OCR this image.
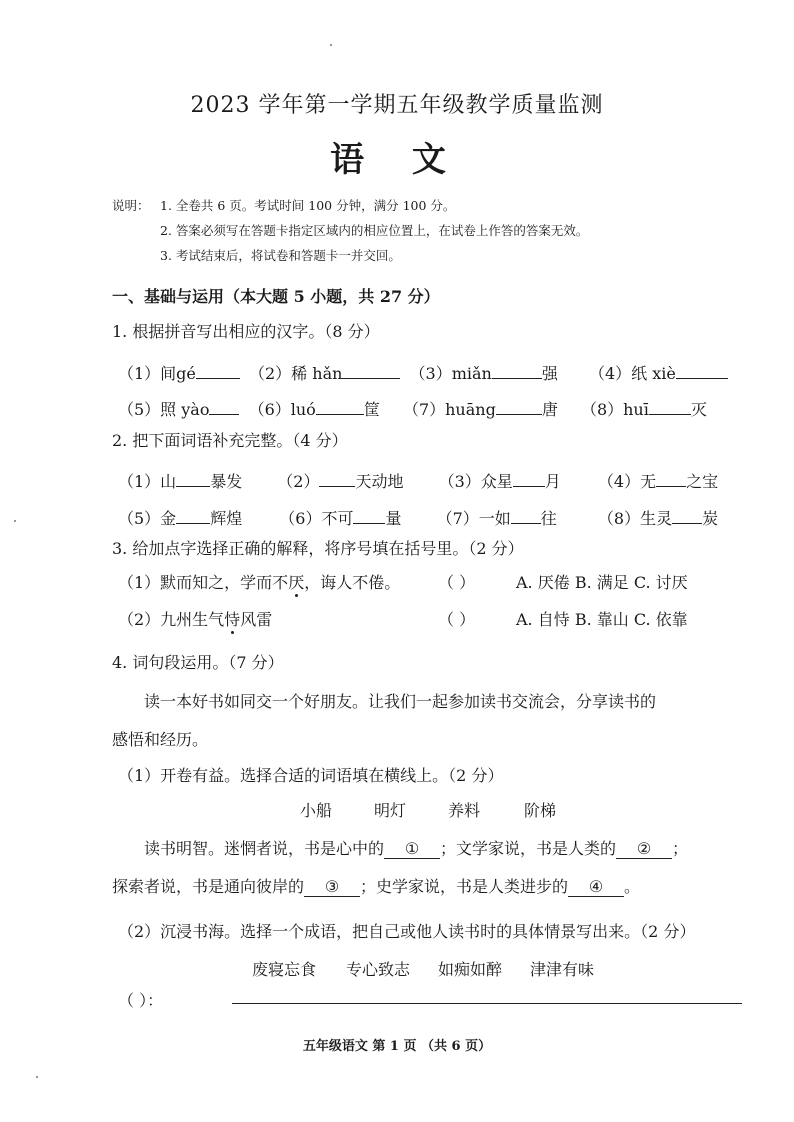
2023 学年第一学期五年级教学质量监测
语 文
说明： 1. 全卷共 6 页。考试时间 100 分钟，满分 100 分。
2. 答案必须写在答题卡指定区域内的相应位置上，在试卷上作答的答案无效。
3. 考试结束后，将试卷和答题卡一并交回。
一、基础与运用（本大题 5 小题，共 27 分）
1. 根据拼音写出相应的汉字。（8 分）
（1）间gé	（2）稀 hǎn	（3）miǎn	强 （4）纸 xiè
（5）照 yào （6）luó	筐 （7）huāng	唐 （8）huī	灭
2. 把下面词语补充完整。（4 分）
（1）山 暴发 （2） 天动地 （3）众星 月 （4）无 之宝
（5）金 辉煌 （6）不可 量 （7）一如 往	（8）生灵 炭
3. 给加点字选择正确的解释，将序号填在括号里。（2 分）
（1）默而知之，学而不厌，诲人不倦。 （ ）	A. 厌倦 B. 满足 C. 讨厌
（2）九州生气恃风雷	（ ）	A. 自恃 B. 靠山 C. 依靠
4. 词句段运用。（7 分）
读一本好书如同交一个好朋友。让我们一起参加读书交流会，分享读书的
感悟和经历。
（1）开卷有益。选择合适的词语填在横线上。（2 分）
小船	明灯	养料	阶梯
读书明智。迷惘者说，书是心中的 ① ；文学家说，书是人类的 ② ；
探索者说，书是通向彼岸的 ③ ；史学家说，书是人类进步的 ④ 。
（2）沉浸书海。选择一个成语，把自己或他人读书时的具体情景写出来。（2 分）
废寝忘食 专心致志 如痴如醉 津津有味
（ ）：
五年级语文 第 1 页 （共 6 页）
